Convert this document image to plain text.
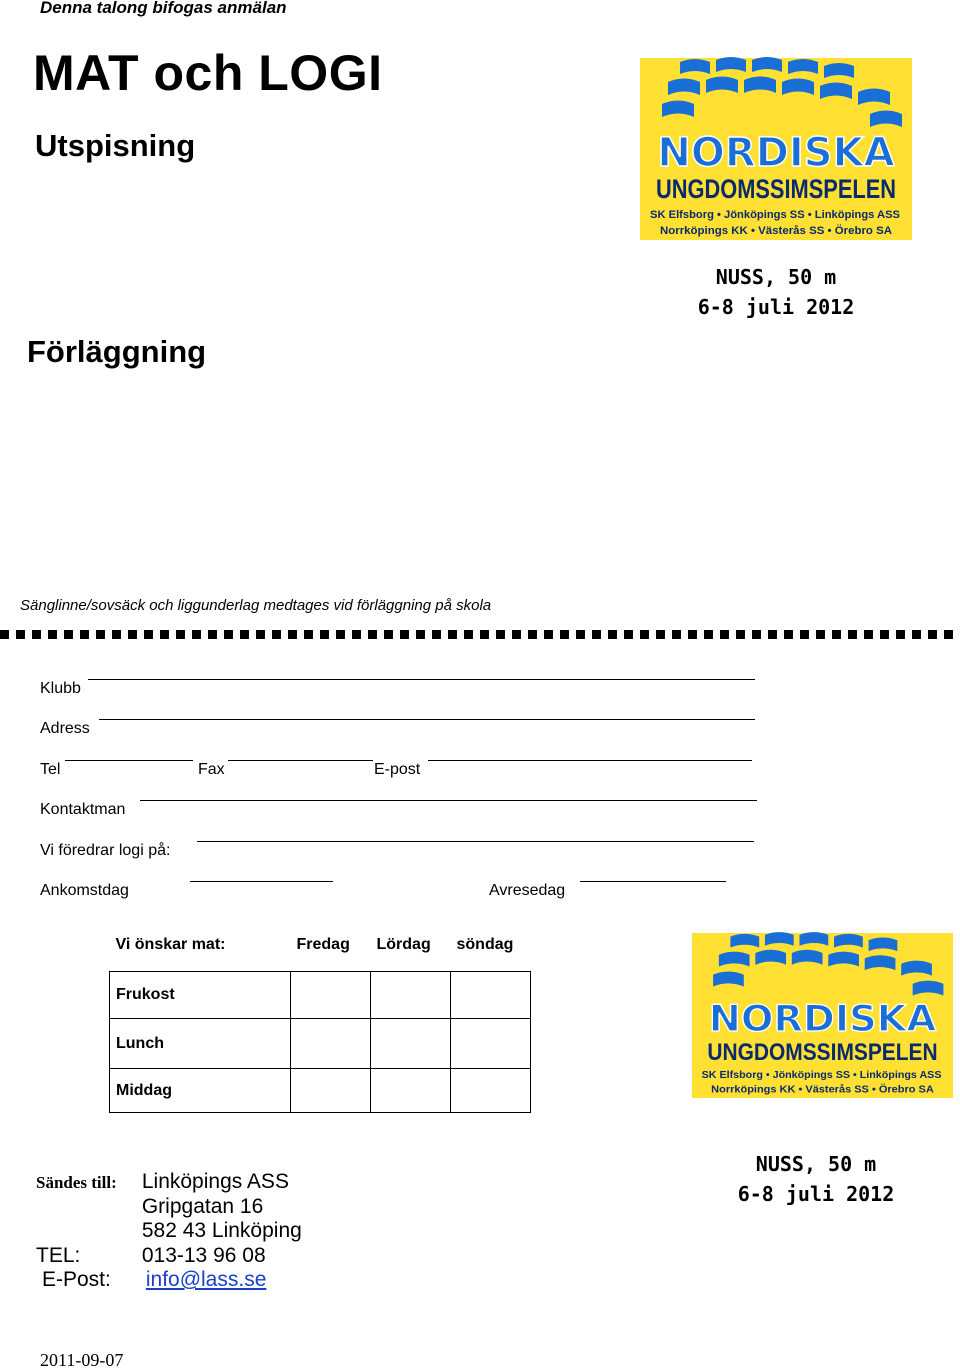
Denna talong bifogas anmälan
MAT och LOGI
Utspisning
Förläggning
NORDISKA
UNGDOMSSIMSPELEN
SK Elfsborg • Jönköpings SS • Linköpings ASS
Norrköpings KK • Västerås SS • Örebro SA
NUSS, 50 m
6-8 juli 2012
Sänglinne/sovsäck och liggunderlag medtages vid förläggning på skola
Klubb
Adress
Tel	Fax	E-post
Kontaktman
Vi föredrar logi på:
Ankomstdag	Avresedag
Vi önskar mat:	Fredag	Lördag	söndag
Frukost			
Lunch			
Middag			
NORDISKA
UNGDOMSSIMSPELEN
SK Elfsborg • Jönköpings SS • Linköpings ASS
Norrköpings KK • Västerås SS • Örebro SA
Sändes till: Linköpings ASS
Gripgatan 16
582 43 Linköping
TEL:	013-13 96 08
E-Post: info@lass.se
NUSS, 50 m
6-8 juli 2012
2011-09-07
